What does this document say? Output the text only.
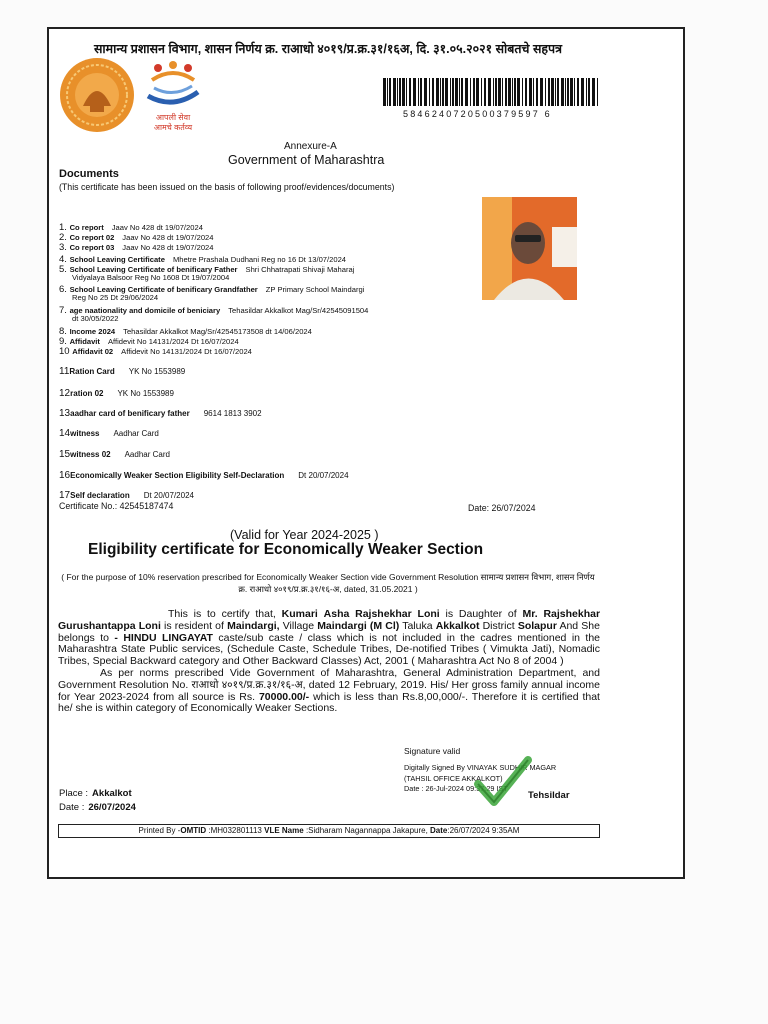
सामान्य प्रशासन विभाग, शासन निर्णय क्र. राआधो ४०१९/प्र.क्र.३१/१६अ, दि. ३१.०५.२०२१ सोबतचे सहपत्र
आपली सेवा
आमचे कर्तव्य
5846240720500379597 6
Annexure-A
Government of Maharashtra
Documents
(This certificate has been issued on the basis of following proof/evidences/documents)
1. Co report Jaav No 428 dt 19/07/2024
2. Co report 02 Jaav No 428 dt 19/07/2024
3. Co report 03 Jaav No 428 dt 19/07/2024
4. School Leaving Certificate Mhetre Prashala Dudhani Reg no 16 Dt 13/07/2024
5. School Leaving Certificate of benificary Father Shri Chhatrapati Shivaji Maharaj
Vidyalaya Balsoor Reg No 1608 Dt 19/07/2004
6. School Leaving Certificate of benificary Grandfather ZP Primary School Maindargi
Reg No 25 Dt 29/06/2024
7. age naationality and domicile of beniciary Tehasildar Akkalkot Mag/Sr/42545091504
dt 30/05/2022
8. Income 2024 Tehasildar Akkalkot Mag/Sr/42545173508 dt 14/06/2024
9. Affidavit Affidevit No 14131/2024 Dt 16/07/2024
10 Affidavit 02 Affidevit No 14131/2024 Dt 16/07/2024
11Ration Card YK No 1553989
12ration 02 YK No 1553989
13aadhar card of benificary father 9614 1813 3902
14witness Aadhar Card
15witness 02 Aadhar Card
16Economically Weaker Section Eligibility Self-Declaration Dt 20/07/2024
17Self declaration Dt 20/07/2024
Certificate No.: 42545187474	Date: 26/07/2024
(Valid for Year 2024-2025 )
Eligibility certificate for Economically Weaker Section
( For the purpose of 10% reservation prescribed for Economically Weaker Section vide Government Resolution सामान्य प्रशासन विभाग, शासन निर्णय क्र. राआधो ४०१९/प्र.क्र.३१/१६-अ, dated, 31.05.2021 )
This is to certify that, Kumari Asha Rajshekhar Loni is Daughter of Mr. Rajshekhar Gurushantappa Loni is resident of Maindargi, Village Maindargi (M Cl) Taluka Akkalkot District Solapur And She belongs to - HINDU LINGAYAT caste/sub caste / class which is not included in the cadres mentioned in the Maharashtra State Public services, (Schedule Caste, Schedule Tribes, De-notified Tribes ( Vimukta Jati), Nomadic Tribes, Special Backward category and Other Backward Classes) Act, 2001 ( Maharashtra Act No 8 of 2004 )
As per norms prescribed Vide Government of Maharashtra, General Administration Department, and Government Resolution No. राआधो ४०१९/प्र.क्र.३१/१६-अ, dated 12 February, 2019. His/ Her gross family annual income for Year 2023-2024 from all source is Rs. 70000.00/- which is less than Rs.8,00,000/-. Therefore it is certified that he/ she is within category of Economically Weaker Sections.
Signature valid
Digitally Signed By VINAYAK SUDHIR MAGAR
(TAHSIL OFFICE AKKALKOT)
Date : 26-Jul-2024 09:37:29 IST
Tehsildar
Place : Akkalkot
Date : 26/07/2024
Printed By -OMTID :MH032801113 VLE Name :Sidharam Nagannappa Jakapure, Date:26/07/2024 9:35AM
